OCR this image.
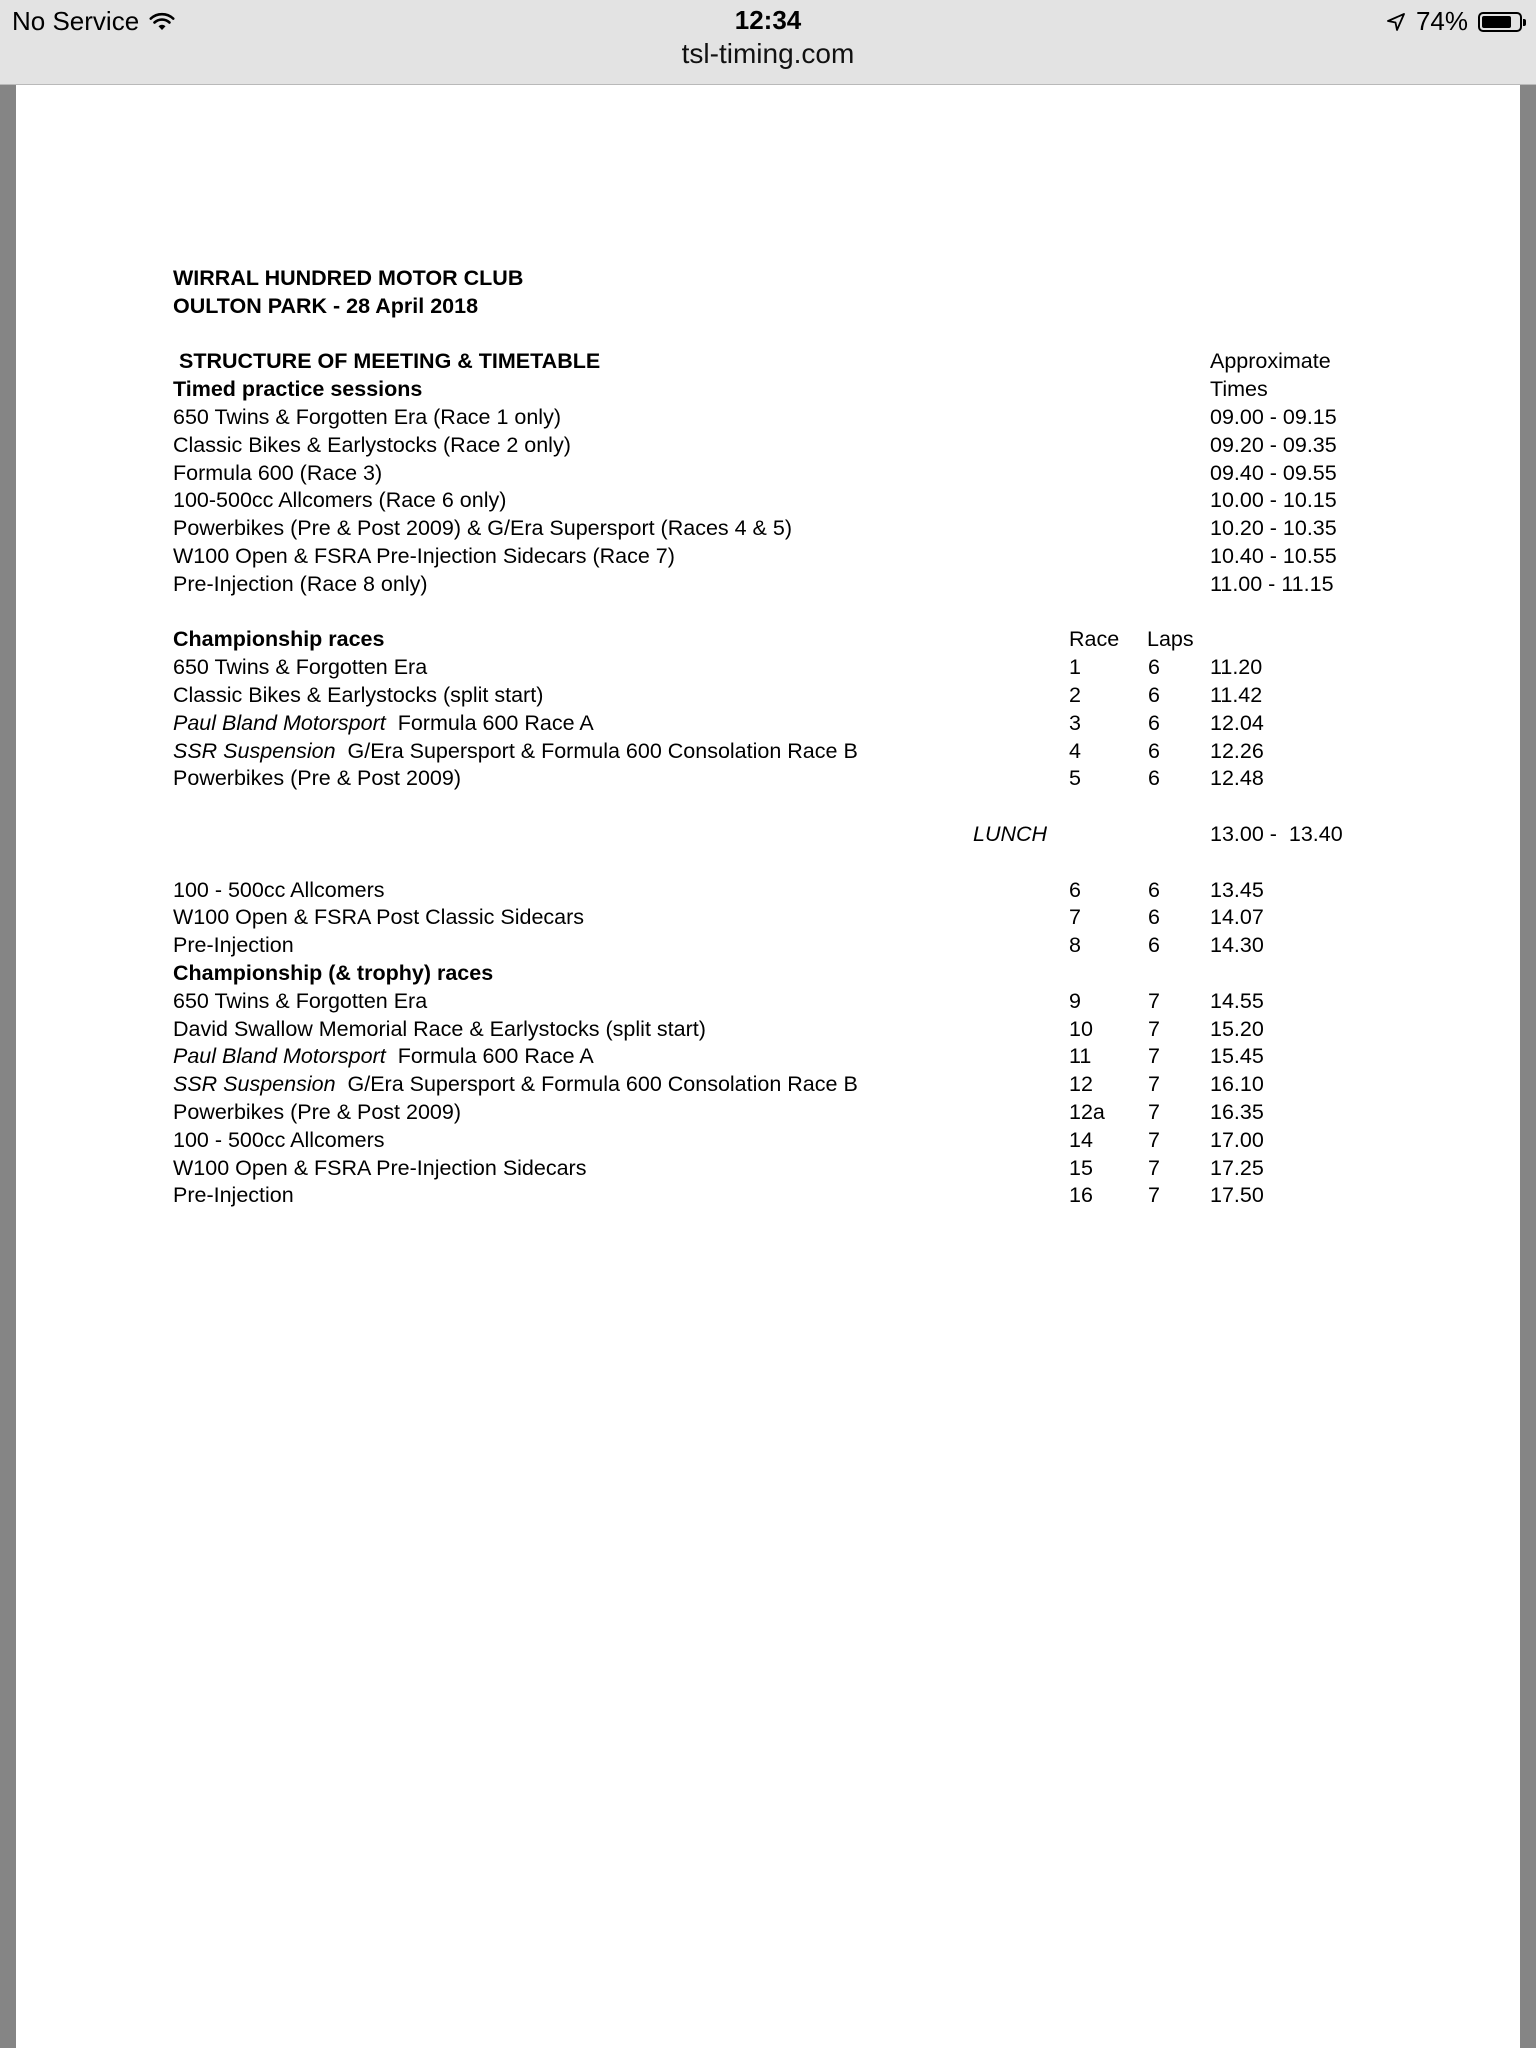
No Service	12:34
tsl-timing.com
74%
WIRRAL HUNDRED MOTOR CLUB
OULTON PARK - 28 April 2018
STRUCTURE OF MEETING & TIMETABLE	Approximate
Timed practice sessions	Times
650 Twins & Forgotten Era (Race 1 only)	09.00 - 09.15
Classic Bikes & Earlystocks (Race 2 only)	09.20 - 09.35
Formula 600 (Race 3)	09.40 - 09.55
100-500cc Allcomers (Race 6 only)	10.00 - 10.15
Powerbikes (Pre & Post 2009) & G/Era Supersport (Races 4 & 5)	10.20 - 10.35
W100 Open & FSRA Pre-Injection Sidecars (Race 7)	10.40 - 10.55
Pre-Injection (Race 8 only)	11.00 - 11.15
Championship races	Race Laps
650 Twins & Forgotten Era	1	6	11.20
Classic Bikes & Earlystocks (split start)	2	6	11.42
Paul Bland Motorsport Formula 600 Race A	3	6	12.04
SSR Suspension G/Era Supersport & Formula 600 Consolation Race B	4	6	12.26
Powerbikes (Pre & Post 2009)	5	6	12.48
LUNCH	13.00 -  13.40
100 - 500cc Allcomers	6	6	13.45
W100 Open & FSRA Post Classic Sidecars	7	6	14.07
Pre-Injection	8	6	14.30
Championship (& trophy) races
650 Twins & Forgotten Era	9	7	14.55
David Swallow Memorial Race & Earlystocks (split start)	10	7	15.20
Paul Bland Motorsport Formula 600 Race A	11	7	15.45
SSR Suspension G/Era Supersport & Formula 600 Consolation Race B	12	7	16.10
Powerbikes (Pre & Post 2009)	12a	7	16.35
100 - 500cc Allcomers	14	7	17.00
W100 Open & FSRA Pre-Injection Sidecars	15	7	17.25
Pre-Injection	16	7	17.50
